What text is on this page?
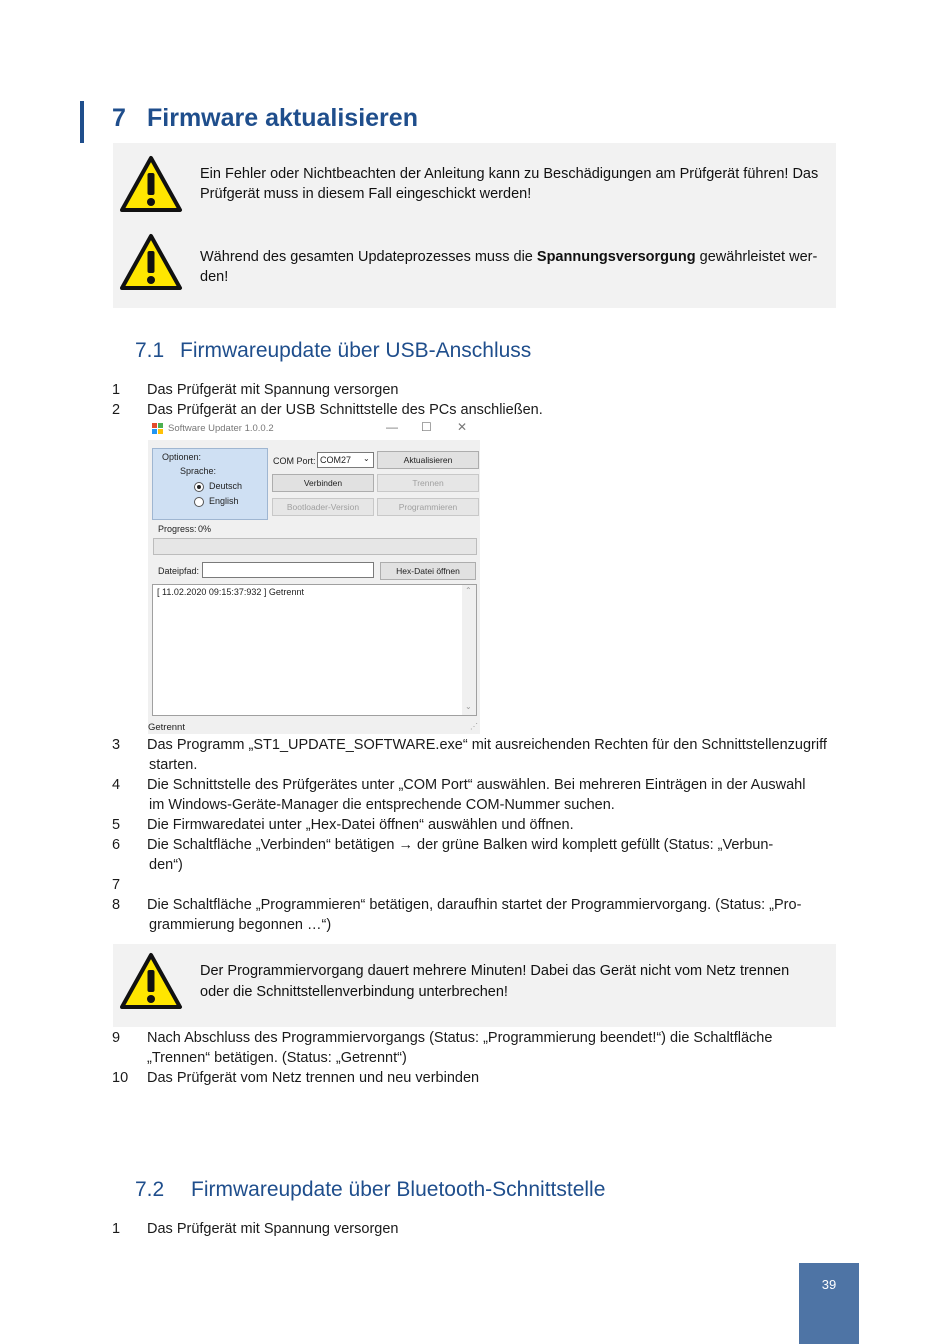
7 Firmware aktualisieren
Ein Fehler oder Nichtbeachten der Anleitung kann zu Beschädigungen am Prüfgerät führen! Das Prüfgerät muss in diesem Fall eingeschickt werden!
Während des gesamten Updateprozesses muss die Spannungsversorgung gewährleistet wer- den!
7.1 Firmwareupdate über USB-Anschluss
1	Das Prüfgerät mit Spannung versorgen
2	Das Prüfgerät an der USB Schnittstelle des PCs anschließen.
Software Updater 1.0.0.2	— ☐ ✕
Optionen:
Sprache:
Deutsch
English
COM Port: COM27 ⌄	Aktualisieren
Verbinden	Trennen
Bootloader-Version	Programmieren
Progress: 0%
Dateipfad:	Hex-Datei öffnen
[ 11.02.2020 09:15:37:932 ] Getrennt	⌃
⌄
Getrennt	⋰
3	Das Programm „ST1_UPDATE_SOFTWARE.exe“ mit ausreichenden Rechten für den Schnittstellenzugriff
starten.
4	Die Schnittstelle des Prüfgerätes unter „COM Port“ auswählen. Bei mehreren Einträgen in der Auswahl
im Windows-Geräte-Manager die entsprechende COM-Nummer suchen.
5	Die Firmwaredatei unter „Hex-Datei öffnen“ auswählen und öffnen.
6	Die Schaltfläche „Verbinden“ betätigen → der grüne Balken wird komplett gefüllt (Status: „Verbun-
den“)
7
8	Die Schaltfläche „Programmieren“ betätigen, daraufhin startet der Programmiervorgang. (Status: „Pro-
grammierung begonnen …“)
Der Programmiervorgang dauert mehrere Minuten! Dabei das Gerät nicht vom Netz trennen
oder die Schnittstellenverbindung unterbrechen!
9	Nach Abschluss des Programmiervorgangs (Status: „Programmierung beendet!“) die Schaltfläche
„Trennen“ betätigen. (Status: „Getrennt“)
10	Das Prüfgerät vom Netz trennen und neu verbinden
7.2 Firmwareupdate über Bluetooth-Schnittstelle
1	Das Prüfgerät mit Spannung versorgen
39
